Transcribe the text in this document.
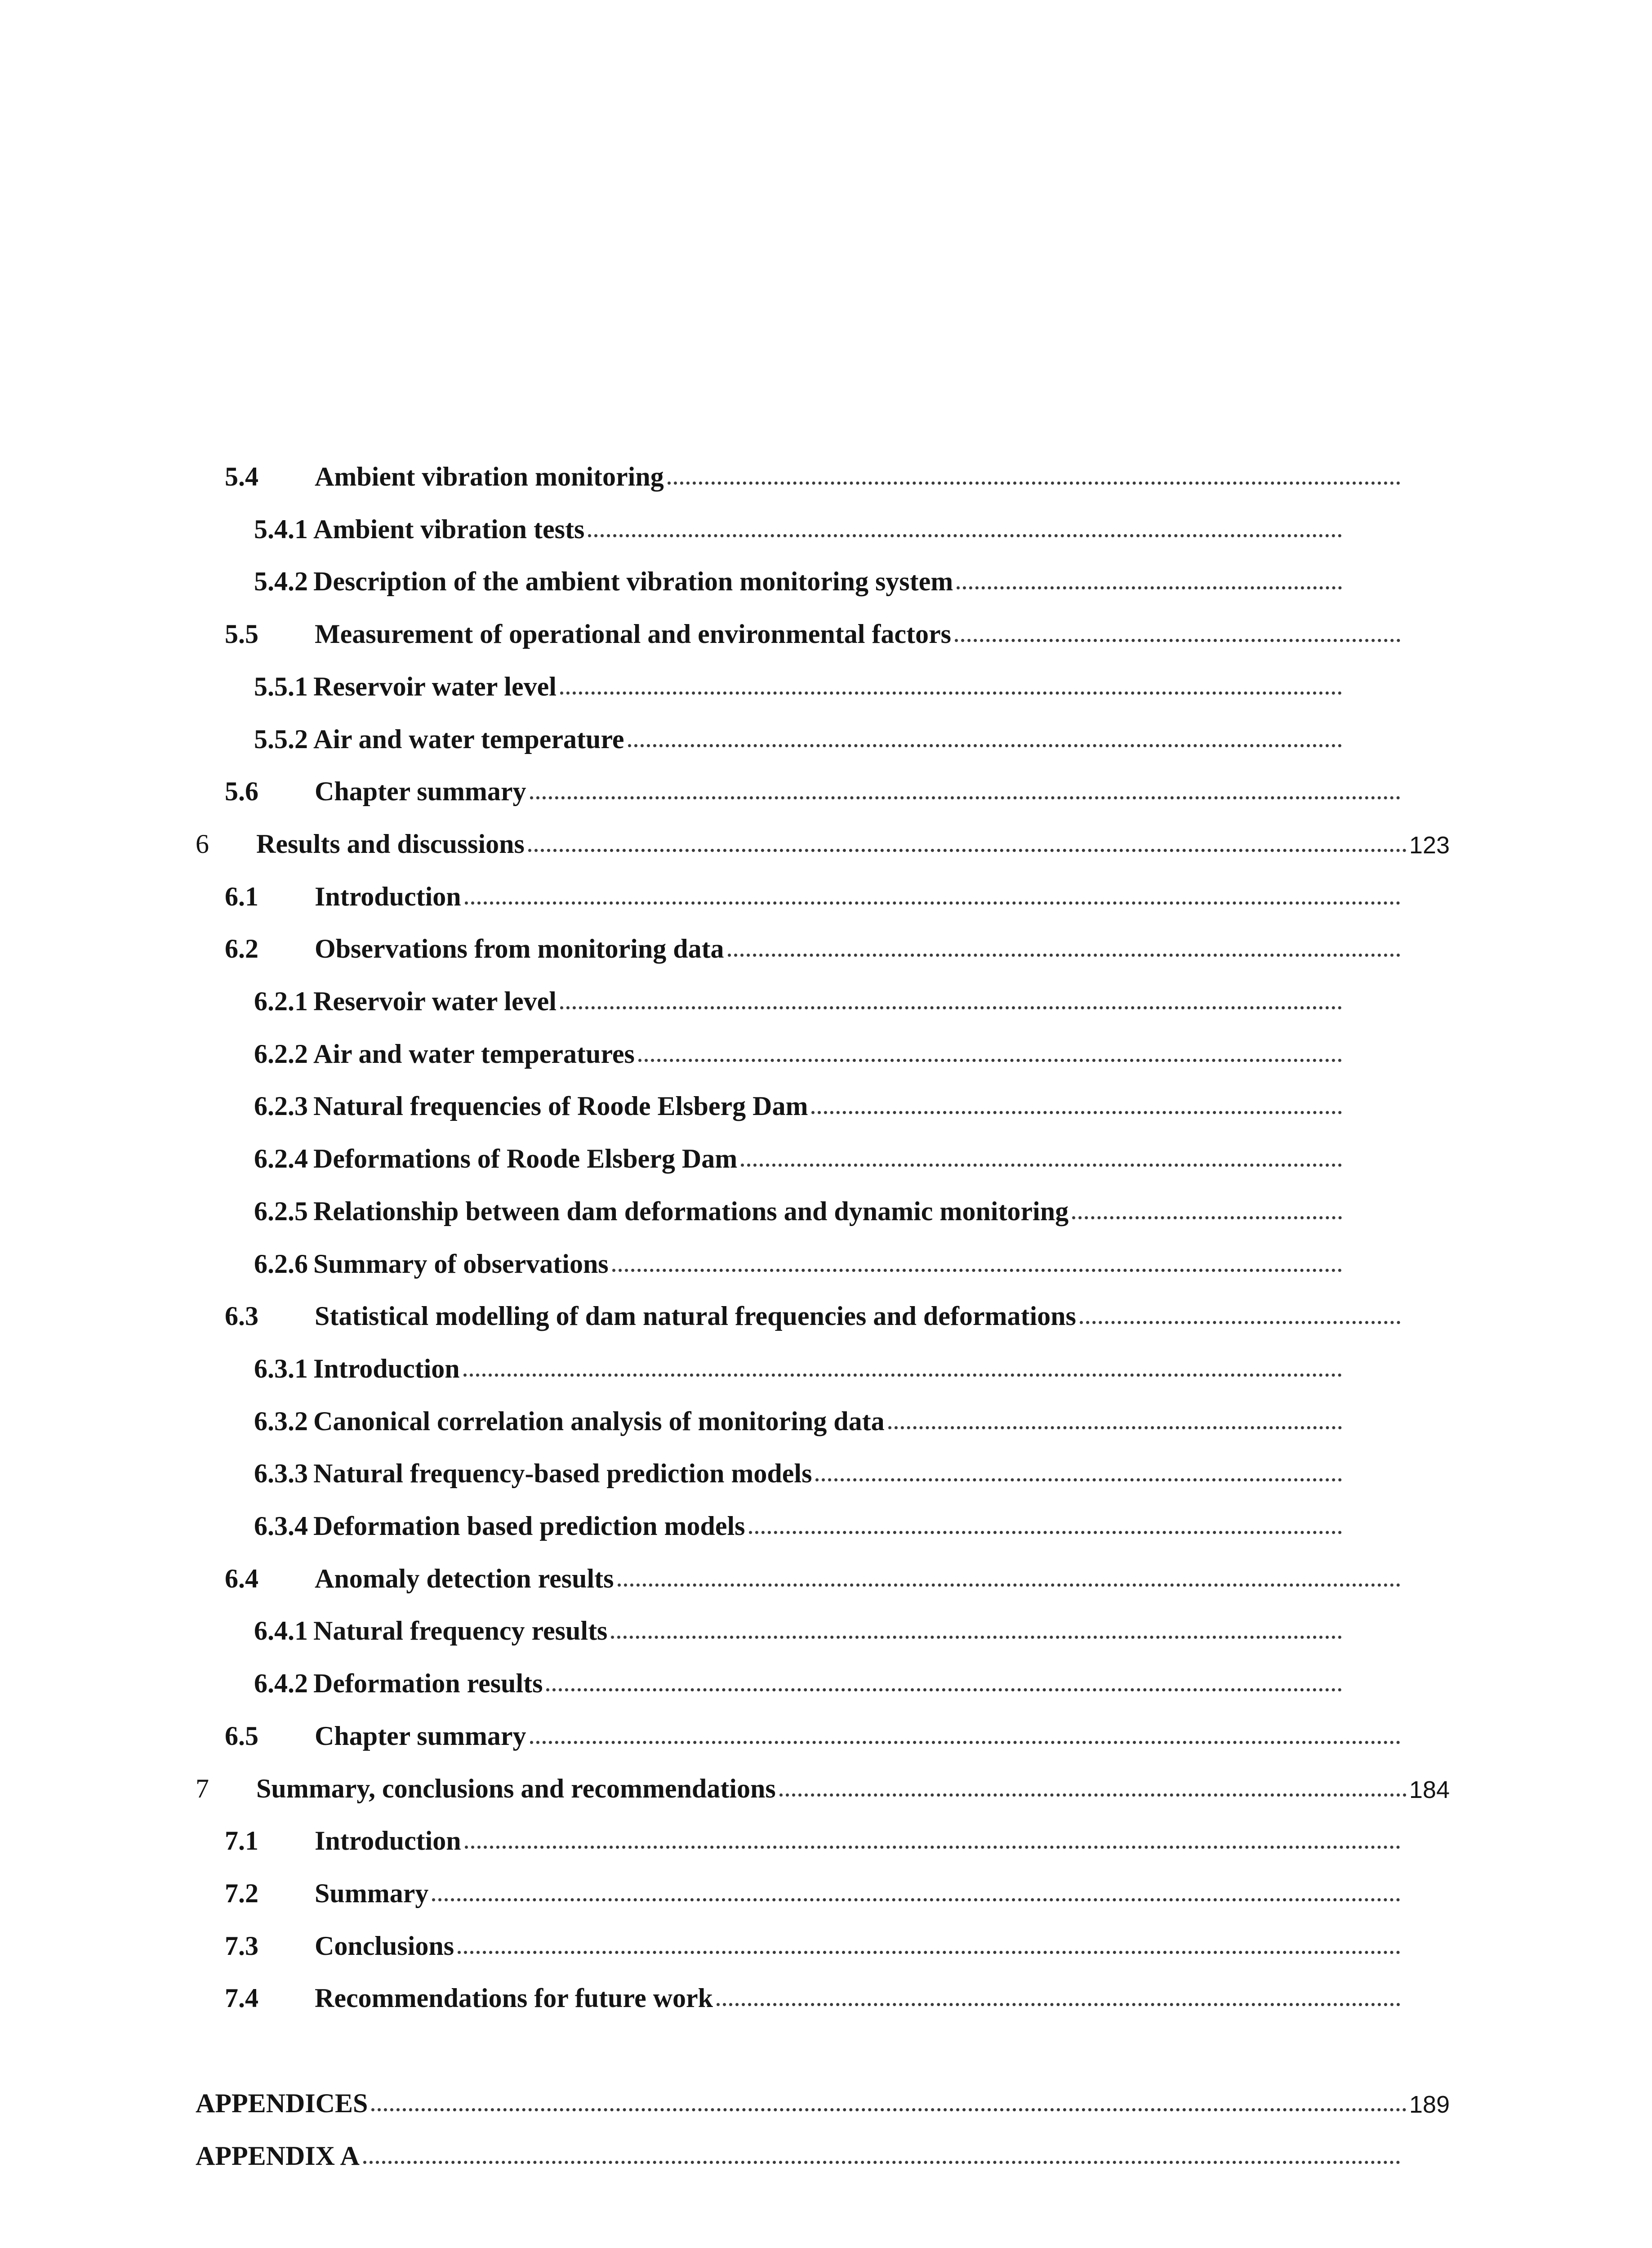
5.4	Ambient vibration monitoring
5.4.1 Ambient vibration tests
5.4.2 Description of the ambient vibration monitoring system
5.5	Measurement of operational and environmental factors
5.5.1 Reservoir water level
5.5.2 Air and water temperature
5.6	Chapter summary
6	Results and discussions	123
6.1	Introduction
6.2	Observations from monitoring data
6.2.1 Reservoir water level
6.2.2 Air and water temperatures
6.2.3 Natural frequencies of Roode Elsberg Dam
6.2.4 Deformations of Roode Elsberg Dam
6.2.5 Relationship between dam deformations and dynamic monitoring
6.2.6 Summary of observations
6.3	Statistical modelling of dam natural frequencies and deformations
6.3.1 Introduction
6.3.2 Canonical correlation analysis of monitoring data
6.3.3 Natural frequency-based prediction models
6.3.4 Deformation based prediction models
6.4	Anomaly detection results
6.4.1 Natural frequency results
6.4.2 Deformation results
6.5	Chapter summary
7	Summary, conclusions and recommendations	184
7.1	Introduction
7.2	Summary
7.3	Conclusions
7.4	Recommendations for future work
APPENDICES	189
APPENDIX A
